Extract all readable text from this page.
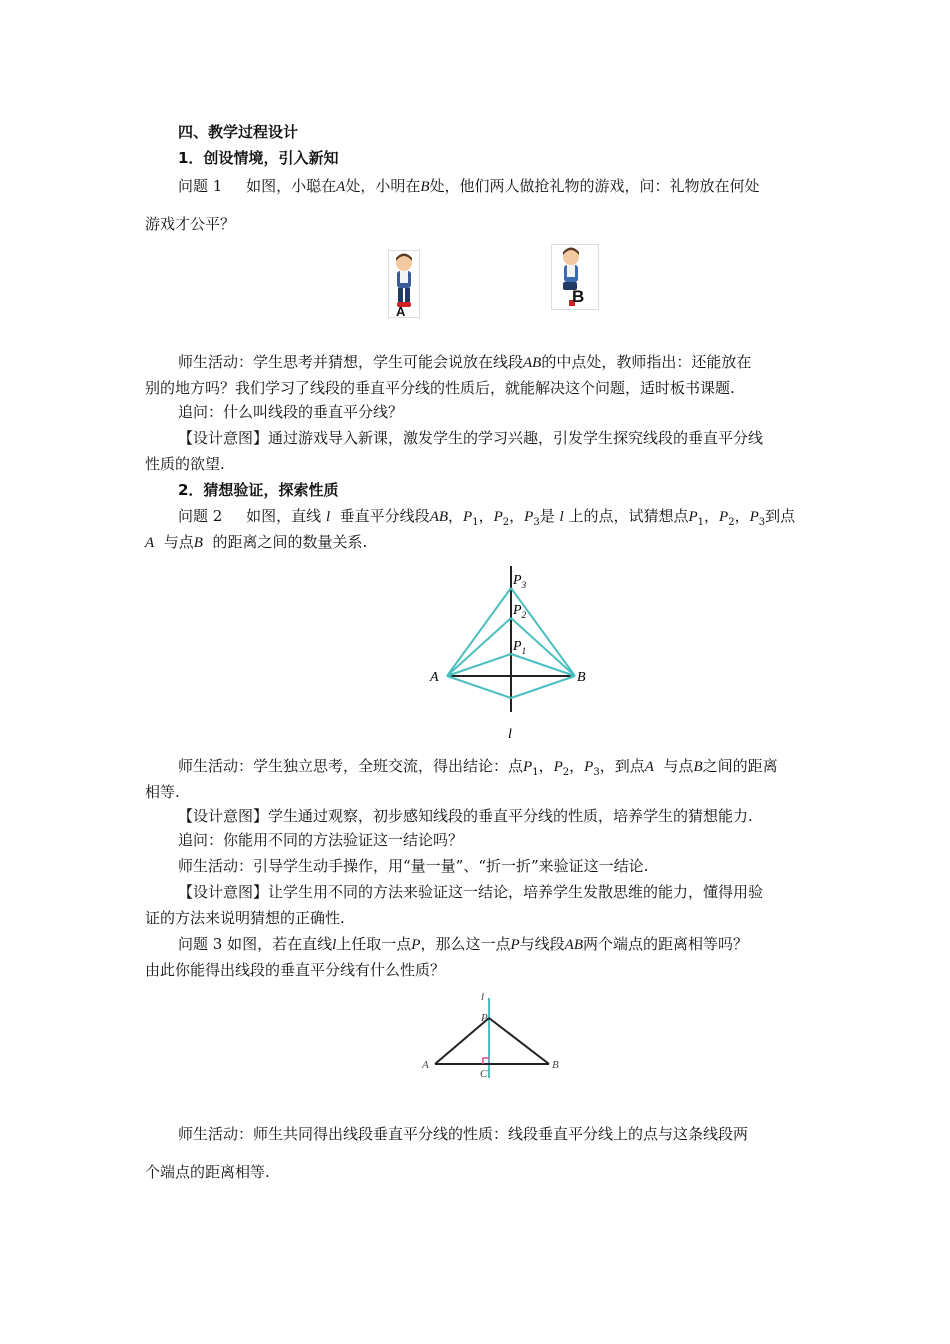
四、教学过程设计
1．创设情境，引入新知
问题 1 如图，小聪在A处，小明在B处，他们两人做抢礼物的游戏，问：礼物放在何处
游戏才公平？
A
B
师生活动：学生思考并猜想，学生可能会说放在线段AB的中点处，教师指出：还能放在
别的地方吗？我们学习了线段的垂直平分线的性质后，就能解决这个问题，适时板书课题.
追问：什么叫线段的垂直平分线？
【设计意图】通过游戏导入新课，激发学生的学习兴趣，引发学生探究线段的垂直平分线
性质的欲望.
2．猜想验证，探索性质
问题 2 如图，直线 l 垂直平分线段AB，$P_1$，$P_2$，$P_3$是 l 上的点，试猜想点$P_1$，$P_2$，$P_3$到点
A 与点B 的距离之间的数量关系.
$P_3$
$P_2$
$P_1$
A	B
l
师生活动：学生独立思考，全班交流，得出结论：点$P_1$，$P_2$，$P_3$，到点A 与点B之间的距离
相等.
【设计意图】学生通过观察，初步感知线段的垂直平分线的性质，培养学生的猜想能力.
追问：你能用不同的方法验证这一结论吗？
师生活动：引导学生动手操作，用“量一量”、“折一折”来验证这一结论.
【设计意图】让学生用不同的方法来验证这一结论，培养学生发散思维的能力，懂得用验
证的方法来说明猜想的正确性.
问题 3 如图，若在直线l上任取一点P，那么这一点P与线段AB两个端点的距离相等吗？
由此你能得出线段的垂直平分线有什么性质？
l
P
A	B
C
师生活动：师生共同得出线段垂直平分线的性质：线段垂直平分线上的点与这条线段两
个端点的距离相等.
